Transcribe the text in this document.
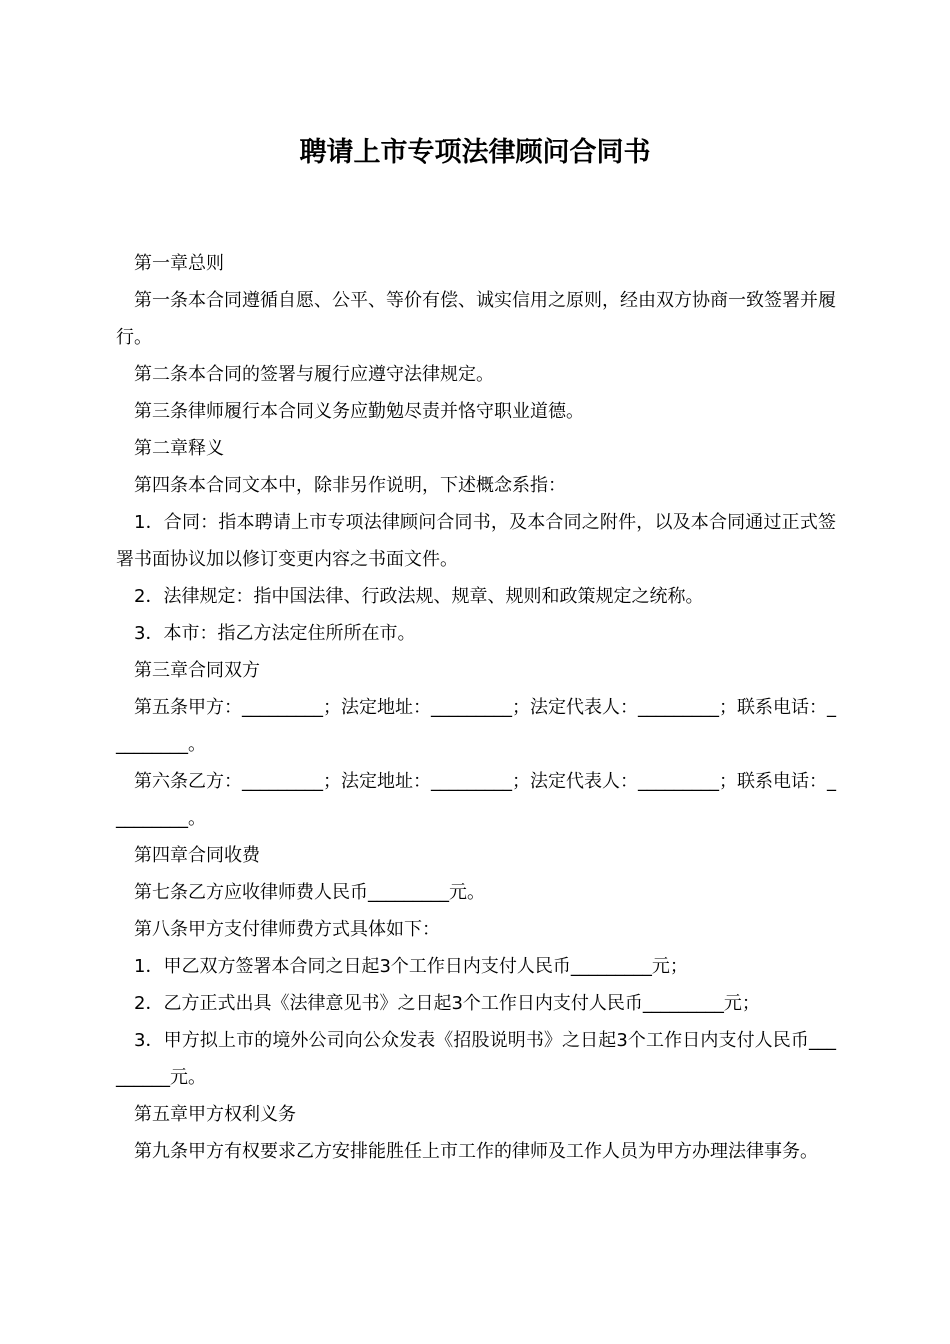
聘请上市专项法律顾问合同书

第一章总则

第一条本合同遵循自愿、公平、等价有偿、诚实信用之原则，经由双方协商一致签署并履行。

第二条本合同的签署与履行应遵守法律规定。

第三条律师履行本合同义务应勤勉尽责并恪守职业道德。

第二章释义

第四条本合同文本中，除非另作说明，下述概念系指：

1．合同：指本聘请上市专项法律顾问合同书，及本合同之附件，以及本合同通过正式签署书面协议加以修订变更内容之书面文件。

2．法律规定：指中国法律、行政法规、规章、规则和政策规定之统称。

3．本市：指乙方法定住所所在市。

第三章合同双方

第五条甲方：_________；法定地址：_________；法定代表人：_________；联系电话：_________。

第六条乙方：_________；法定地址：_________；法定代表人：_________；联系电话：_________。

第四章合同收费

第七条乙方应收律师费人民币_________元。

第八条甲方支付律师费方式具体如下：

1．甲乙双方签署本合同之日起3个工作日内支付人民币_________元；

2．乙方正式出具《法律意见书》之日起3个工作日内支付人民币_________元；

3．甲方拟上市的境外公司向公众发表《招股说明书》之日起3个工作日内支付人民币_________元。

第五章甲方权利义务

第九条甲方有权要求乙方安排能胜任上市工作的律师及工作人员为甲方办理法律事务。
